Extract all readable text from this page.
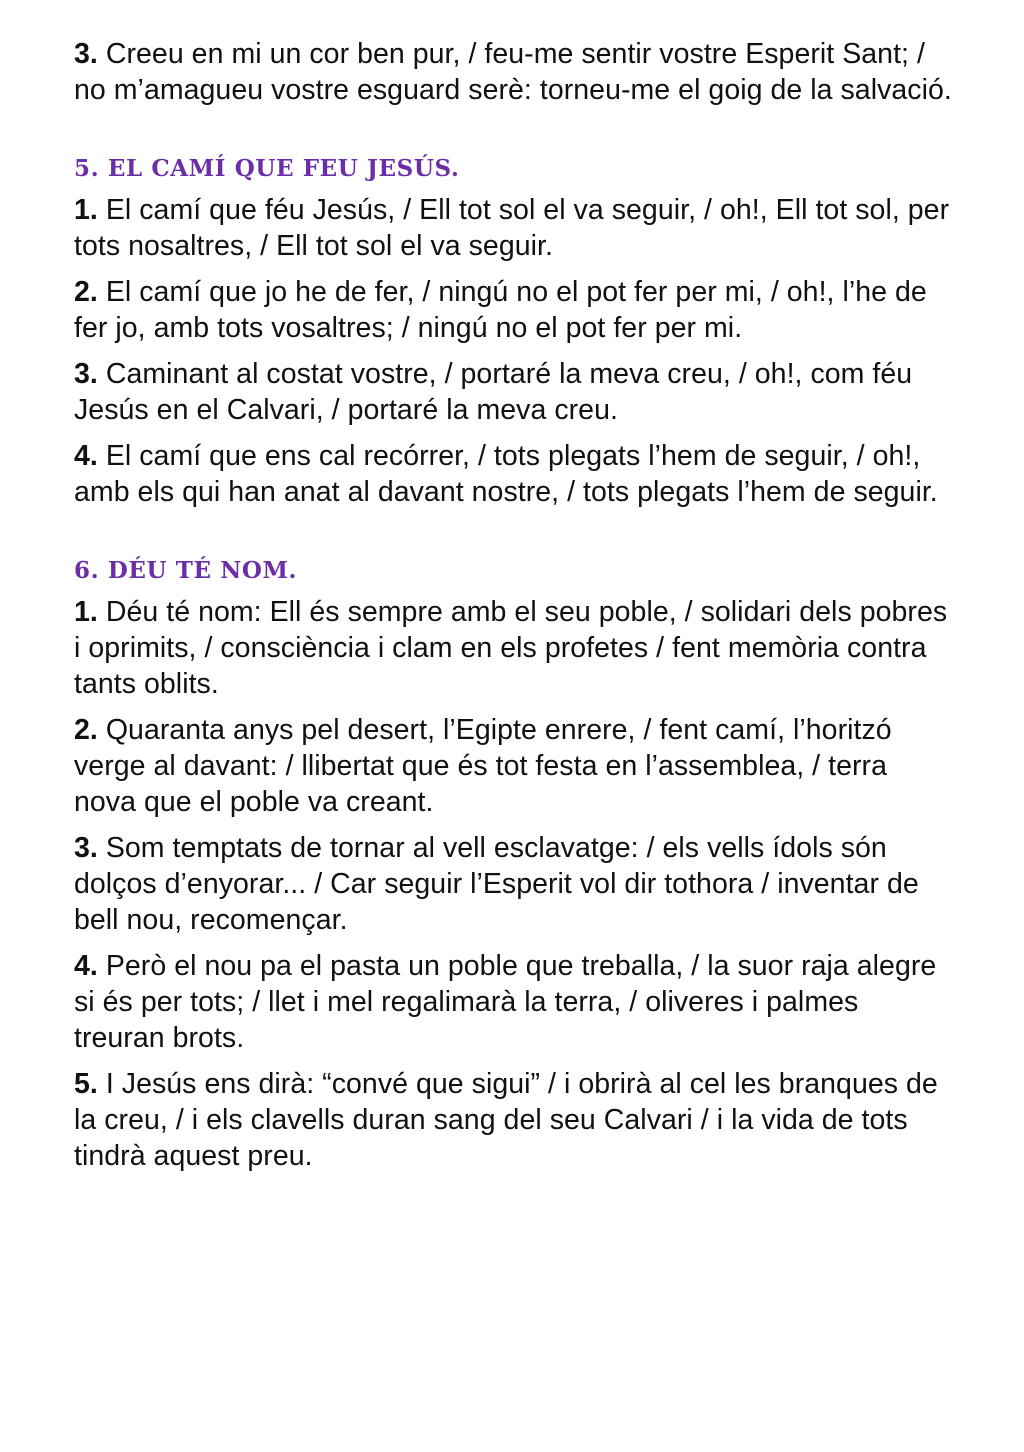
3. Creeu en mi un cor ben pur, / feu-me sentir vostre Esperit Sant; / no m’amagueu vostre esguard serè: torneu-me el goig de la salvació.

5. EL CAMÍ QUE FEU JESÚS.

1. El camí que féu Jesús, / Ell tot sol el va seguir, / oh!, Ell tot sol, per tots nosaltres, / Ell tot sol el va seguir.

2. El camí que jo he de fer, / ningú no el pot fer per mi, / oh!, l’he de fer jo, amb tots vosaltres; / ningú no el pot fer per mi.

3. Caminant al costat vostre, / portaré la meva creu, / oh!, com féu Jesús en el Calvari, / portaré la meva creu.

4. El camí que ens cal recórrer, / tots plegats l’hem de seguir, / oh!, amb els qui han anat al davant nostre, / tots plegats l’hem de seguir.

6. DÉU TÉ NOM.

1. Déu té nom: Ell és sempre amb el seu poble, / solidari dels pobres i oprimits, / consciència i clam en els profetes / fent memòria contra tants oblits.

2. Quaranta anys pel desert, l’Egipte enrere, / fent camí, l’horitzó verge al davant: / llibertat que és tot festa en l’assemblea, / terra nova que el poble va creant.

3. Som temptats de tornar al vell esclavatge: / els vells ídols són dolços d’enyorar... / Car seguir l’Esperit vol dir tothora / inventar de bell nou, recomençar.

4. Però el nou pa el pasta un poble que treballa, / la suor raja alegre si és per tots; / llet i mel regalimarà la terra, / oliveres i palmes treuran brots.

5. I Jesús ens dirà: “convé que sigui” / i obrirà al cel les branques de la creu, / i els clavells duran sang del seu Calvari / i la vida de tots tindrà aquest preu.
